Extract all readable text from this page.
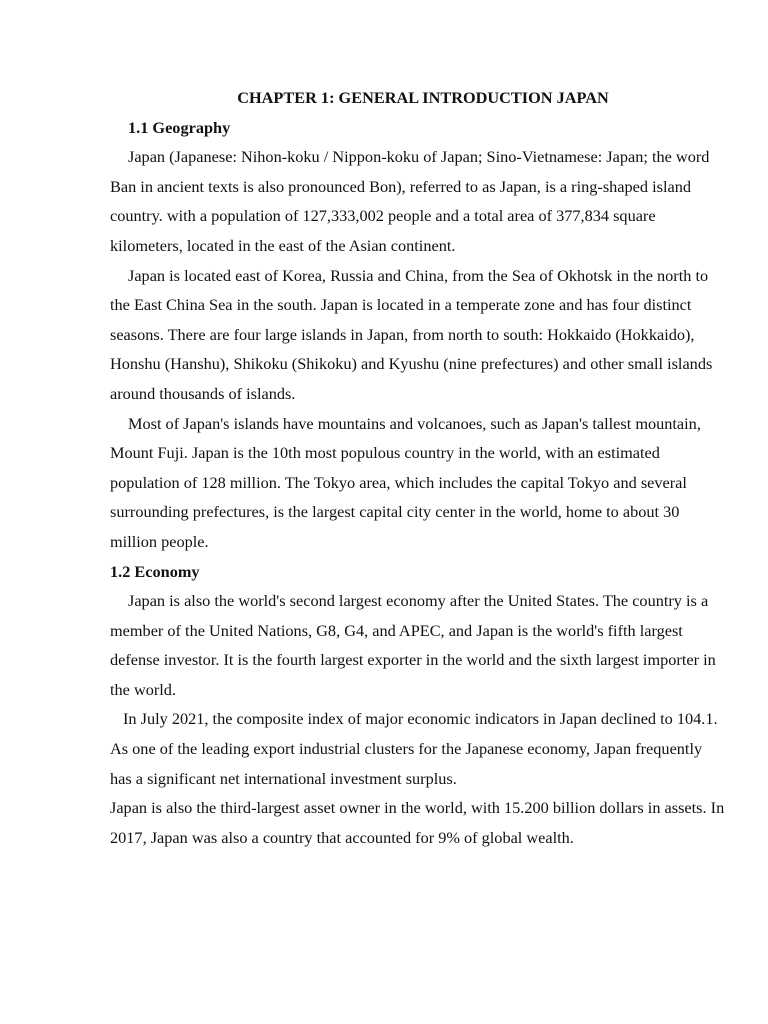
CHAPTER 1: GENERAL INTRODUCTION JAPAN

1.1 Geography

Japan (Japanese: Nihon-koku / Nippon-koku of Japan; Sino-Vietnamese: Japan; the word Ban in ancient texts is also pronounced Bon), referred to as Japan, is a ring-shaped island country. with a population of 127,333,002 people and a total area of 377,834 square kilometers, located in the east of the Asian continent.

Japan is located east of Korea, Russia and China, from the Sea of Okhotsk in the north to the East China Sea in the south. Japan is located in a temperate zone and has four distinct seasons. There are four large islands in Japan, from north to south: Hokkaido (Hokkaido), Honshu (Hanshu), Shikoku (Shikoku) and Kyushu (nine prefectures) and other small islands around thousands of islands.

Most of Japan's islands have mountains and volcanoes, such as Japan's tallest mountain, Mount Fuji. Japan is the 10th most populous country in the world, with an estimated population of 128 million. The Tokyo area, which includes the capital Tokyo and several surrounding prefectures, is the largest capital city center in the world, home to about 30 million people.

1.2 Economy

Japan is also the world's second largest economy after the United States. The country is a member of the United Nations, G8, G4, and APEC, and Japan is the world's fifth largest defense investor. It is the fourth largest exporter in the world and the sixth largest importer in the world.

In July 2021, the composite index of major economic indicators in Japan declined to 104.1. As one of the leading export industrial clusters for the Japanese economy, Japan frequently has a significant net international investment surplus.

Japan is also the third-largest asset owner in the world, with 15.200 billion dollars in assets. In 2017, Japan was also a country that accounted for 9% of global wealth.
